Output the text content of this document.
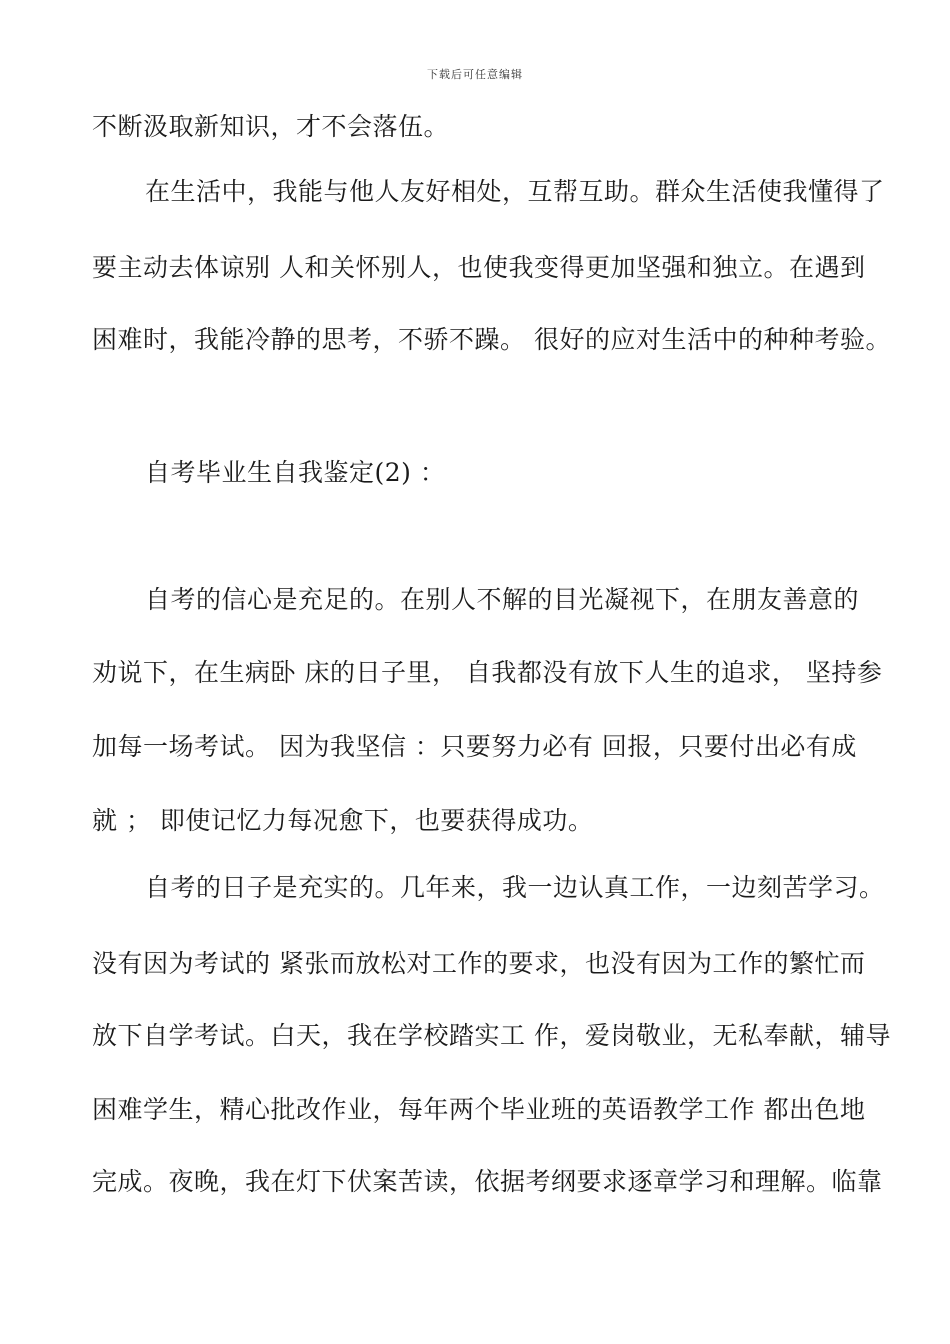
下载后可任意编辑
不断汲取新知识，才不会落伍。
在生活中，我能与他人友好相处，互帮互助。群众生活使我懂得了
要主动去体谅别 人和关怀别人，也使我变得更加坚强和独立。在遇到
困难时，我能冷静的思考，不骄不躁。 很好的应对生活中的种种考验。
自考毕业生自我鉴定(2) ：
自考的信心是充足的。在别人不解的目光凝视下，在朋友善意的
劝说下，在生病卧 床的日子里， 自我都没有放下人生的追求， 坚持参
加每一场考试。 因为我坚信 ：只要努力必有 回报，只要付出必有成
就 ； 即使记忆力每况愈下，也要获得成功。
自考的日子是充实的。几年来，我一边认真工作，一边刻苦学习。
没有因为考试的 紧张而放松对工作的要求，也没有因为工作的繁忙而
放下自学考试。白天，我在学校踏实工 作，爱岗敬业，无私奉献，辅导
困难学生，精心批改作业，每年两个毕业班的英语教学工作 都出色地
完成。夜晚，我在灯下伏案苦读，依据考纲要求逐章学习和理解。临靠
